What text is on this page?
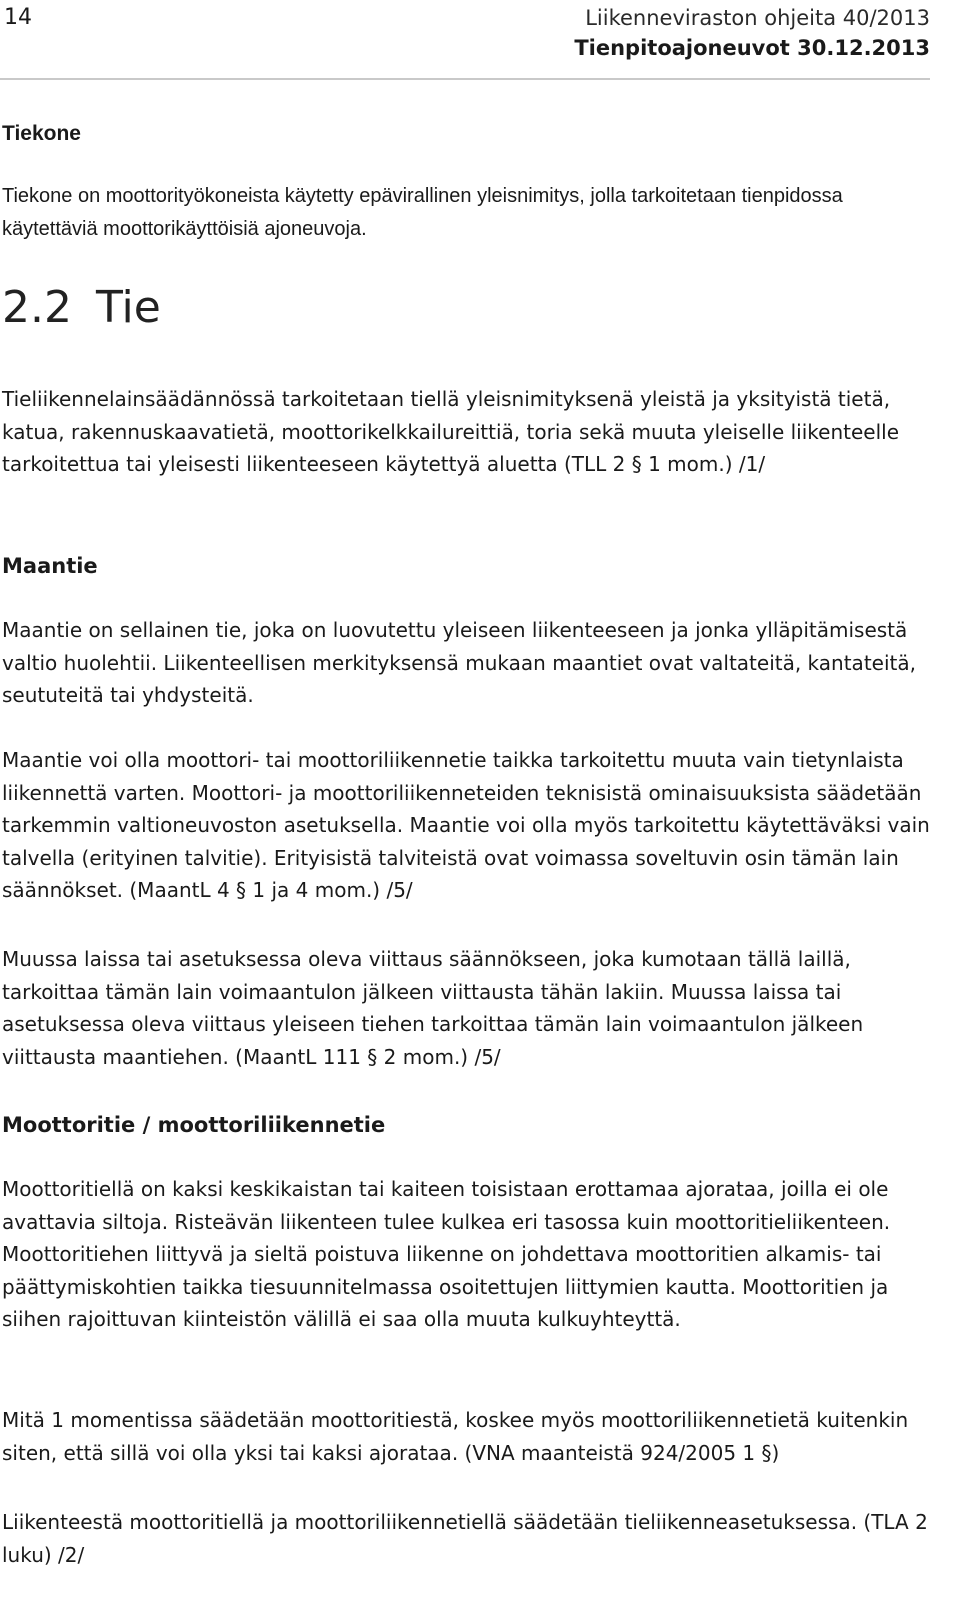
14	Liikenneviraston ohjeita 40/2013
Tienpitoajoneuvot 30.12.2013
Tiekone

Tiekone on moottorityökoneista käytetty epävirallinen yleisnimitys, jolla tarkoitetaan tienpidossa käytettäviä moottorikäyttöisiä ajoneuvoja.

2.2 Tie

Tieliikennelainsäädännössä tarkoitetaan tiellä yleisnimityksenä yleistä ja yksityistä tietä, katua, rakennuskaavatietä, moottorikelkkailureittiä, toria sekä muuta yleiselle liikenteelle tarkoitettua tai yleisesti liikenteeseen käytettyä aluetta (TLL 2 § 1 mom.) /1/

Maantie

Maantie on sellainen tie, joka on luovutettu yleiseen liikenteeseen ja jonka ylläpitämisestä valtio huolehtii. Liikenteellisen merkityksensä mukaan maantiet ovat valtateitä, kantateitä, seututeitä tai yhdysteitä.

Maantie voi olla moottori- tai moottoriliikennetie taikka tarkoitettu muuta vain tietynlaista liikennettä varten. Moottori- ja moottoriliikenneteiden teknisistä ominaisuuksista säädetään tarkemmin valtioneuvoston asetuksella. Maantie voi olla myös tarkoitettu käytettäväksi vain talvella (erityinen talvitie). Erityisistä talviteistä ovat voimassa soveltuvin osin tämän lain säännökset. (MaantL 4 § 1 ja 4 mom.) /5/

Muussa laissa tai asetuksessa oleva viittaus säännökseen, joka kumotaan tällä laillä, tarkoittaa tämän lain voimaantulon jälkeen viittausta tähän lakiin. Muussa laissa tai asetuksessa oleva viittaus yleiseen tiehen tarkoittaa tämän lain voimaantulon jälkeen viittausta maantiehen. (MaantL 111 § 2 mom.) /5/

Moottoritie / moottoriliikennetie

Moottoritiellä on kaksi keskikaistan tai kaiteen toisistaan erottamaa ajorataa, joilla ei ole avattavia siltoja. Risteävän liikenteen tulee kulkea eri tasossa kuin moottoritieliikenteen. Moottoritiehen liittyvä ja sieltä poistuva liikenne on johdettava moottoritien alkamis- tai päättymiskohtien taikka tiesuunnitelmassa osoitettujen liittymien kautta. Moottoritien ja siihen rajoittuvan kiinteistön välillä ei saa olla muuta kulkuyhteyttä.

Mitä 1 momentissa säädetään moottoritiestä, koskee myös moottoriliikennetietä kuitenkin siten, että sillä voi olla yksi tai kaksi ajorataa. (VNA maanteistä 924/2005 1 §)

Liikenteestä moottoritiellä ja moottoriliikennetiellä säädetään tieliikenneasetuksessa. (TLA 2 luku) /2/
